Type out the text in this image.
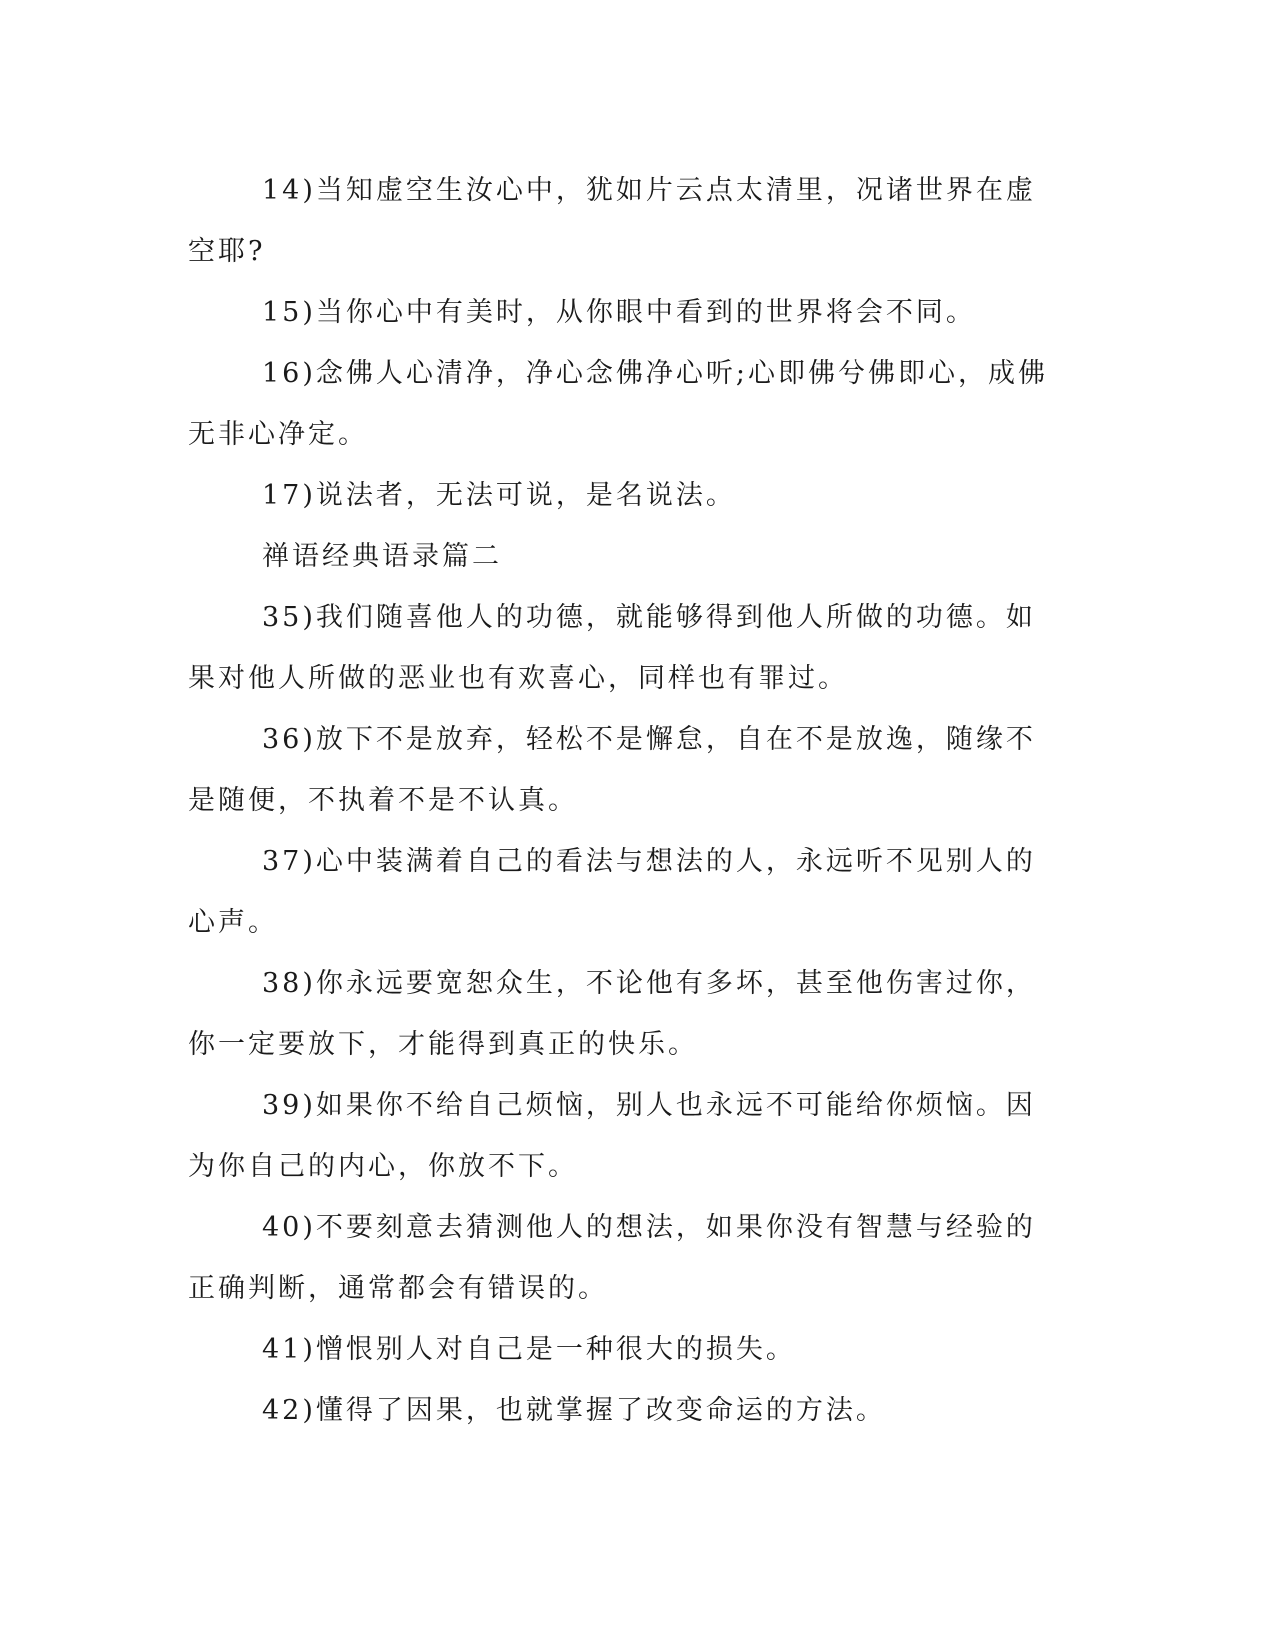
14)当知虚空生汝心中，犹如片云点太清里，况诸世界在虚空耶?

15)当你心中有美时，从你眼中看到的世界将会不同。

16)念佛人心清净，净心念佛净心听;心即佛兮佛即心，成佛无非心净定。

17)说法者，无法可说，是名说法。

禅语经典语录篇二

35)我们随喜他人的功德，就能够得到他人所做的功德。如果对他人所做的恶业也有欢喜心，同样也有罪过。

36)放下不是放弃，轻松不是懈怠，自在不是放逸，随缘不是随便，不执着不是不认真。

37)心中装满着自己的看法与想法的人，永远听不见别人的心声。

38)你永远要宽恕众生，不论他有多坏，甚至他伤害过你，你一定要放下，才能得到真正的快乐。

39)如果你不给自己烦恼，别人也永远不可能给你烦恼。因为你自己的内心，你放不下。

40)不要刻意去猜测他人的想法，如果你没有智慧与经验的正确判断，通常都会有错误的。

41)憎恨别人对自己是一种很大的损失。

42)懂得了因果，也就掌握了改变命运的方法。
